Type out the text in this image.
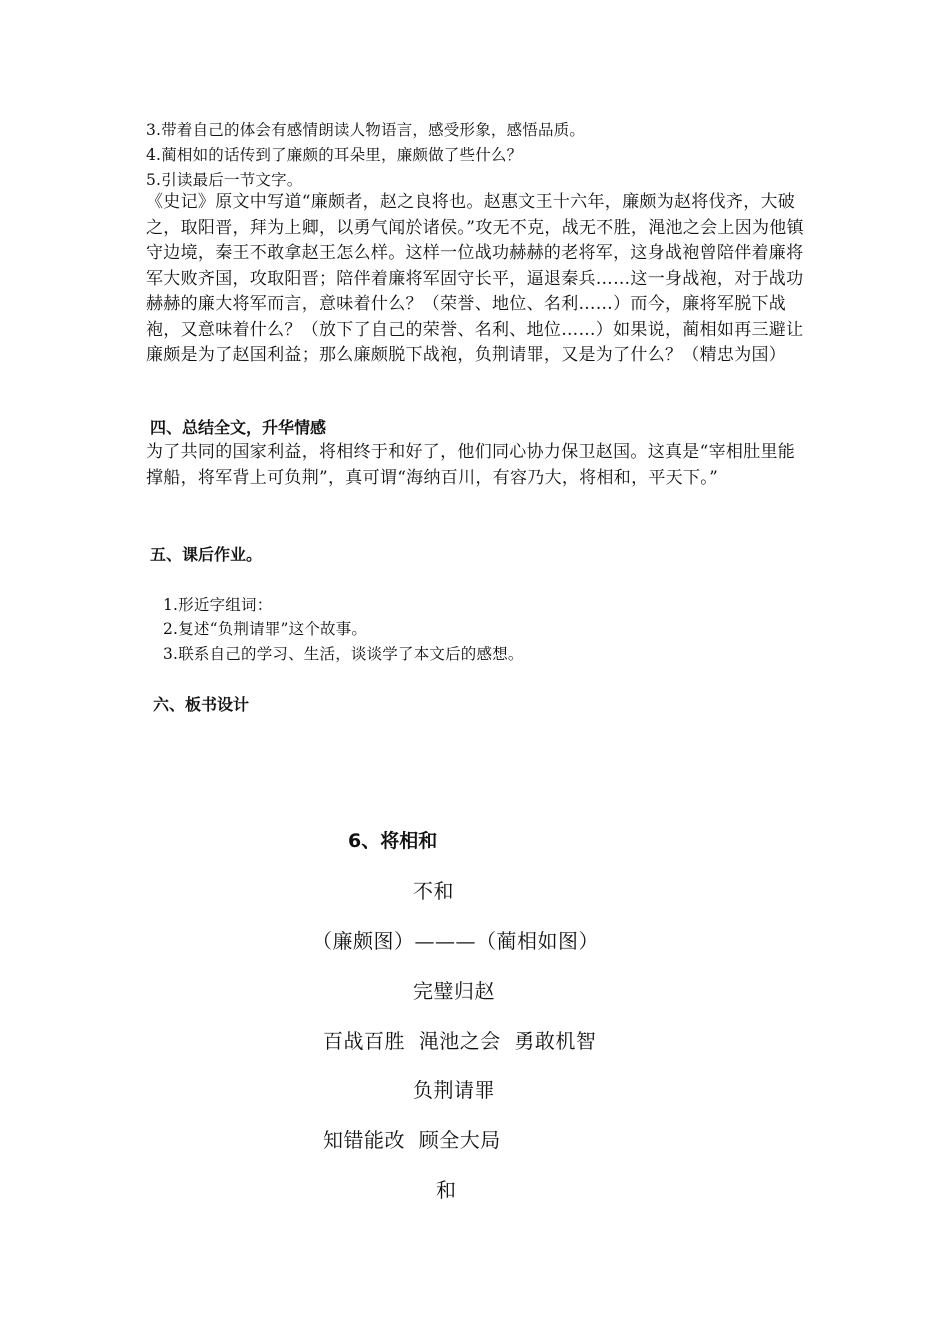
3.带着自己的体会有感情朗读人物语言，感受形象，感悟品质。
4.蔺相如的话传到了廉颇的耳朵里，廉颇做了些什么？
5.引读最后一节文字。
《史记》原文中写道“廉颇者，赵之良将也。赵惠文王十六年，廉颇为赵将伐齐，大破之，取阳晋，拜为上卿，以勇气闻於诸侯。”攻无不克，战无不胜，渑池之会上因为他镇守边境，秦王不敢拿赵王怎么样。这样一位战功赫赫的老将军，这身战袍曾陪伴着廉将军大败齐国，攻取阳晋；陪伴着廉将军固守长平，逼退秦兵……这一身战袍，对于战功赫赫的廉大将军而言，意味着什么？（荣誉、地位、名利……）而今，廉将军脱下战袍，又意味着什么？（放下了自己的荣誉、名利、地位……）如果说，蔺相如再三避让廉颇是为了赵国利益；那么廉颇脱下战袍，负荆请罪，又是为了什么？（精忠为国）
四、总结全文，升华情感
为了共同的国家利益，将相终于和好了，他们同心协力保卫赵国。这真是“宰相肚里能撑船，将军背上可负荆”，真可谓“海纳百川，有容乃大，将相和，平天下。”
五、课后作业。
1.形近字组词：
2.复述“负荆请罪”这个故事。
3.联系自己的学习、生活，谈谈学了本文后的感想。
六、板书设计
6、将相和
不和
（廉颇图）———（蔺相如图）
完璧归赵
百战百胜  渑池之会  勇敢机智
负荆请罪
知错能改  顾全大局
和
